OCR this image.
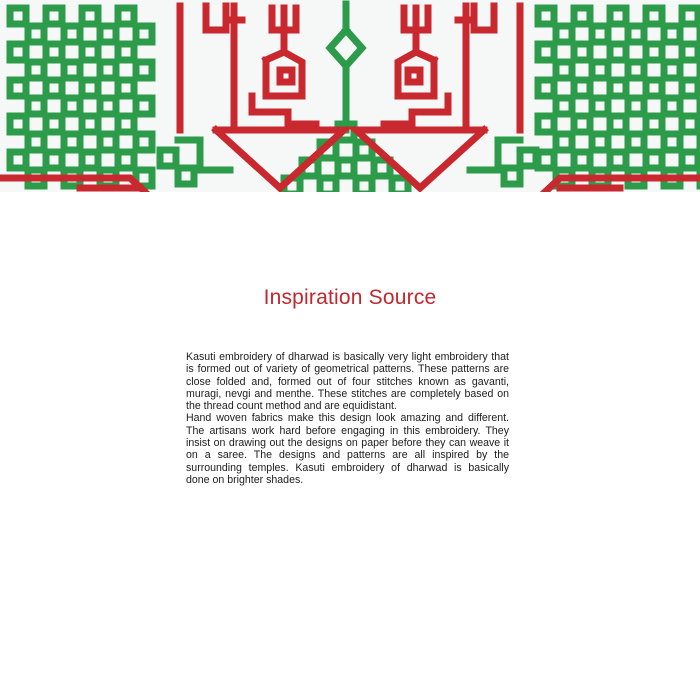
Inspiration Source

Kasuti embroidery of dharwad is basically very light embroidery that is formed out of variety of geometrical patterns. These patterns are close folded and, formed out of four stitches known as gavanti, muragi, nevgi and menthe. These stitches are completely based on the thread count method and are equidistant.

Hand woven fabrics make this design look amazing and different. The artisans work hard before engaging in this embroidery. They insist on drawing out the designs on paper before they can weave it on a saree. The designs and patterns are all inspired by the surrounding temples. Kasuti embroidery of dharwad is basically done on brighter shades.
